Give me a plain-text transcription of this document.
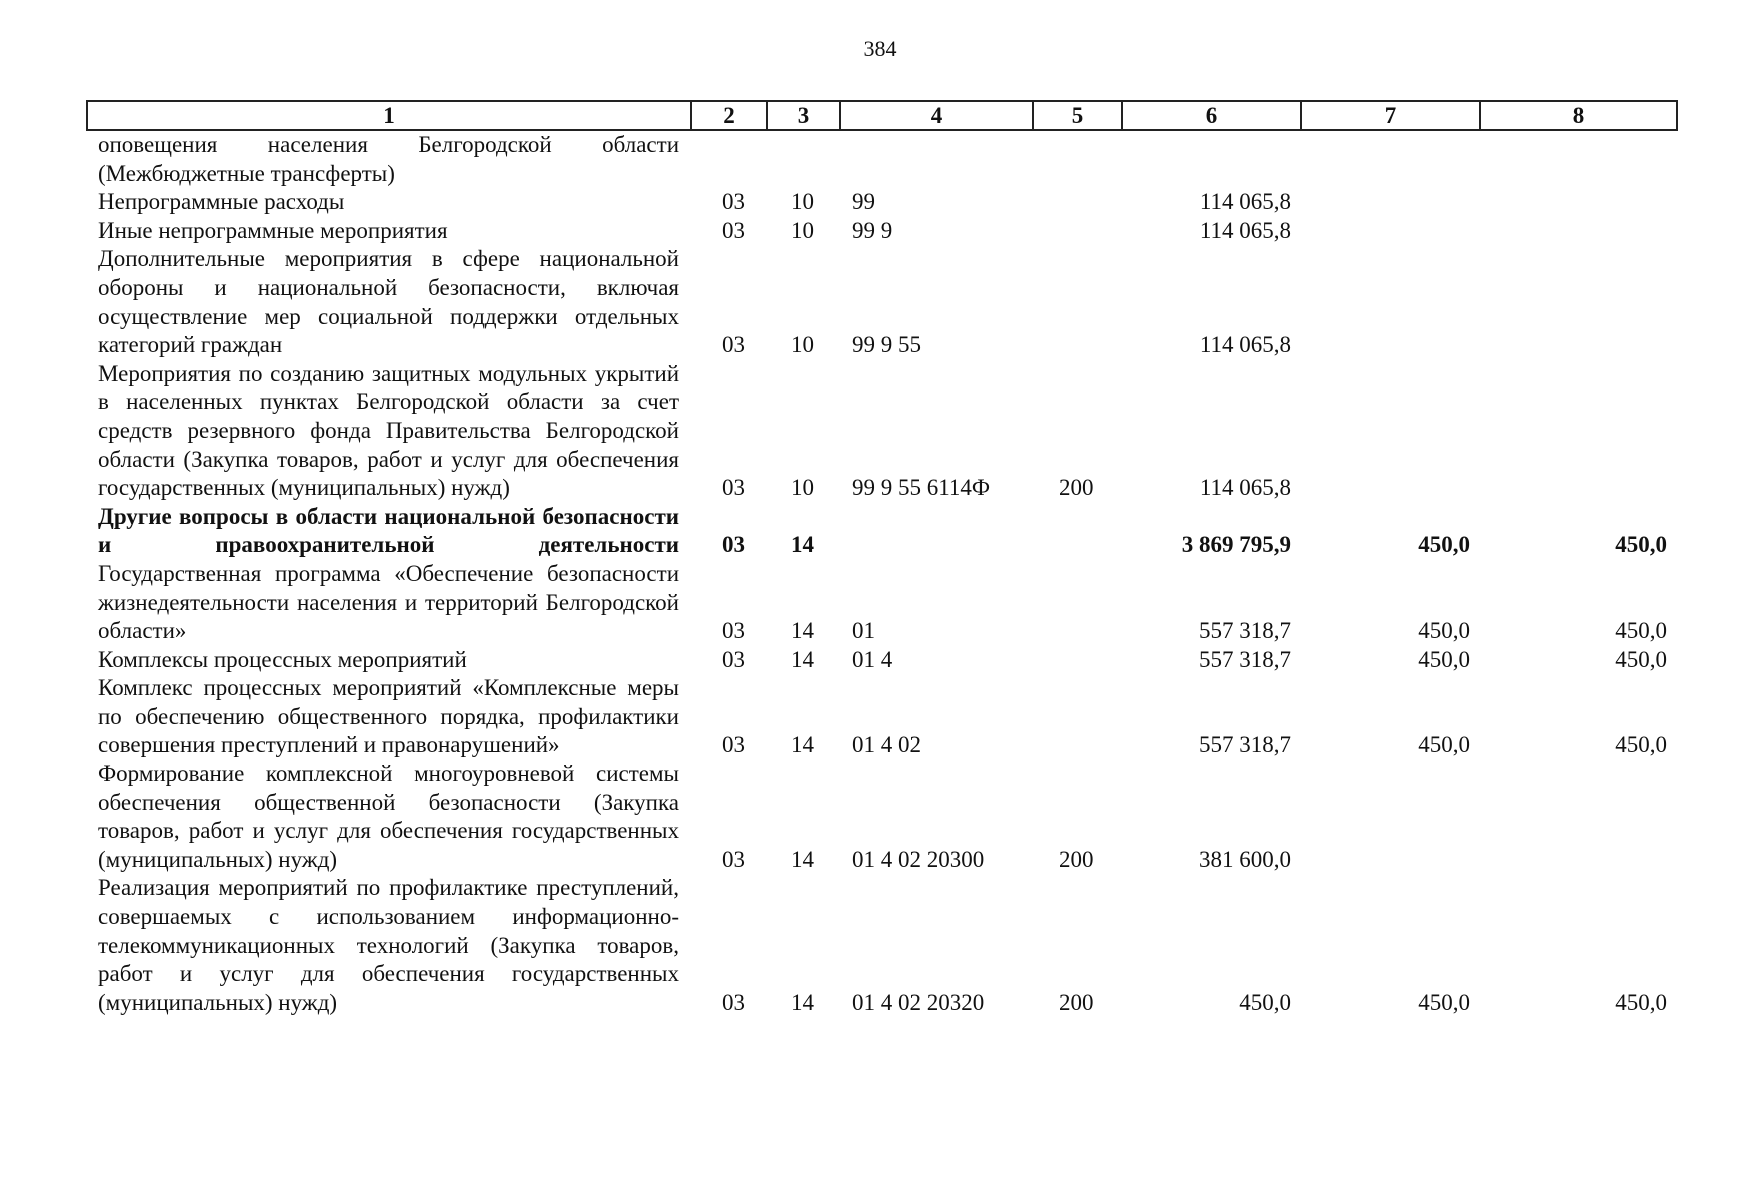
384
1	2	3	4	5	6	7	8
оповещения населения Белгородской области (Межбюджетные трансферты)							
Непрограммные расходы	03	10	99		114 065,8		
Иные непрограммные мероприятия	03	10	99 9		114 065,8		
Дополнительные мероприятия в сфере национальной обороны и национальной безопасности, включая осуществление мер социальной поддержки отдельных категорий граждан	03	10	99 9 55		114 065,8		
Мероприятия по созданию защитных модульных укрытий в населенных пунктах Белгородской области за счет средств резервного фонда Правительства Белгородской области (Закупка товаров, работ и услуг для обеспечения государственных (муниципальных) нужд)	03	10	99 9 55 6114Ф	200	114 065,8		
Другие вопросы в области национальной безопасности и правоохранительной деятельности	03	14			3 869 795,9	450,0	450,0
Государственная программа «Обеспечение безопасности жизнедеятельности населения и территорий Белгородской области»	03	14	01		557 318,7	450,0	450,0
Комплексы процессных мероприятий	03	14	01 4		557 318,7	450,0	450,0
Комплекс процессных мероприятий «Комплексные меры по обеспечению общественного порядка, профилактики совершения преступлений и правонарушений»	03	14	01 4 02		557 318,7	450,0	450,0
Формирование комплексной многоуровневой системы обеспечения общественной безопасности (Закупка товаров, работ и услуг для обеспечения государственных (муниципальных) нужд)	03	14	01 4 02 20300	200	381 600,0		
Реализация мероприятий по профилактике преступлений, совершаемых с использованием информационно-телекоммуникационных технологий (Закупка товаров, работ и услуг для обеспечения государственных (муниципальных) нужд)	03	14	01 4 02 20320	200	450,0	450,0	450,0
